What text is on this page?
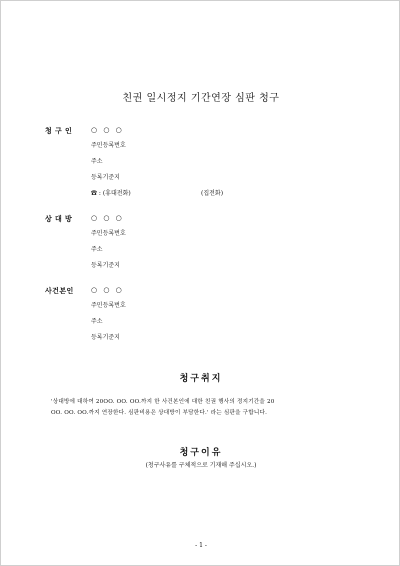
친권 일시정지 기간연장 심판 청구
청 구 인	○ ○ ○
주민등록번호
주소
등록기준지
☎ : (휴대전화)	(집전화)
상 대 방	○ ○ ○
주민등록번호
주소
등록기준지
사건본인	○ ○ ○
주민등록번호
주소
등록기준지
청구취지
'상대방에 대하여 20OO. OO. OO.까지 한 사건본인에 대한 친권 행사의 정지기간을 20
OO. OO. OO.까지 연장한다. 심판비용은 상대방이 부담한다.' 라는 심판을 구합니다.
청구이유
(청구사유를 구체적으로 기재해 주십시오.)
- 1 -
